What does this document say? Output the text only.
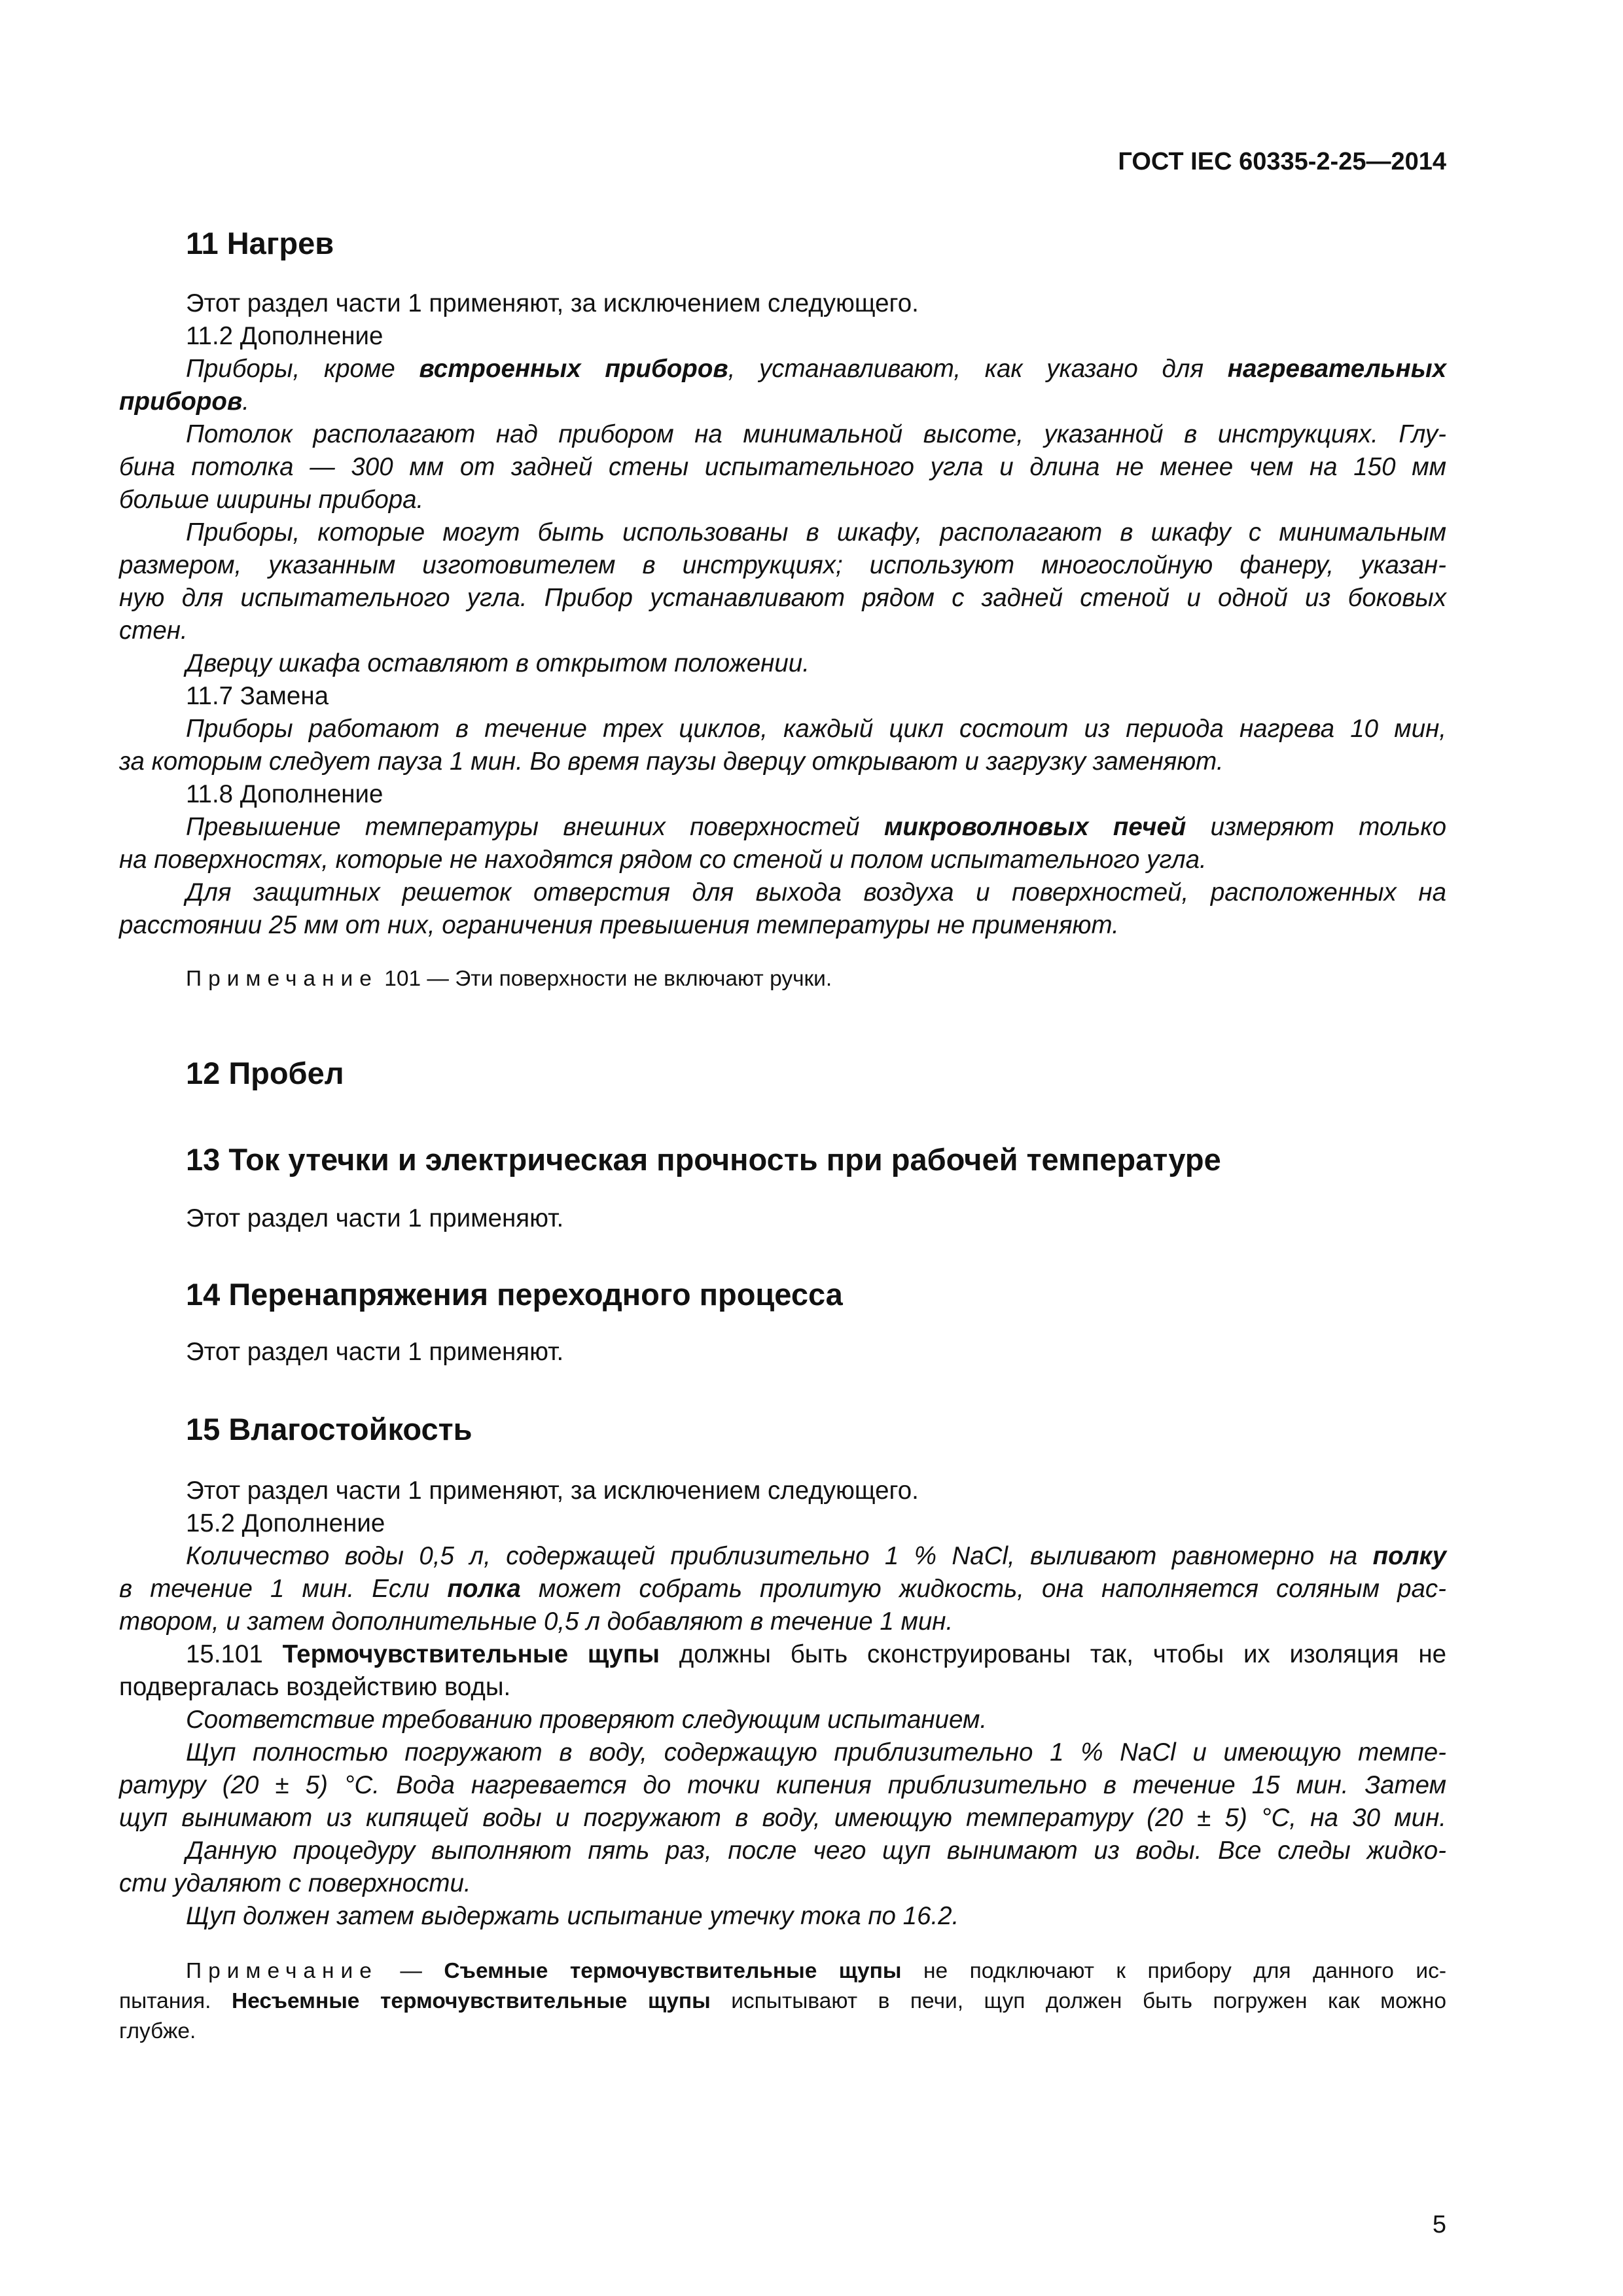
ГОСТ IEC 60335-2-25—2014
11 Нагрев
Этот раздел части 1 применяют, за исключением следующего.
11.2 Дополнение
Приборы, кроме встроенных приборов, устанавливают, как указано для нагревательных
приборов.
Потолок располагают над прибором на минимальной высоте, указанной в инструкциях. Глу-
бина потолка — 300 мм от задней стены испытательного угла и длина не менее чем на 150 мм
больше ширины прибора.
Приборы, которые могут быть использованы в шкафу, располагают в шкафу с минимальным
размером, указанным изготовителем в инструкциях; используют многослойную фанеру, указан-
ную для испытательного угла. Прибор устанавливают рядом с задней стеной и одной из боковых
стен.
Дверцу шкафа оставляют в открытом положении.
11.7 Замена
Приборы работают в течение трех циклов, каждый цикл состоит из периода нагрева 10 мин,
за которым следует пауза 1 мин. Во время паузы дверцу открывают и загрузку заменяют.
11.8 Дополнение
Превышение температуры внешних поверхностей микроволновых печей измеряют только
на поверхностях, которые не находятся рядом со стеной и полом испытательного угла.
Для защитных решеток отверстия для выхода воздуха и поверхностей, расположенных на
расстоянии 25 мм от них, ограничения превышения температуры не применяют.
Примечание 101 — Эти поверхности не включают ручки.
12 Пробел
13 Ток утечки и электрическая прочность при рабочей температуре
Этот раздел части 1 применяют.
14 Перенапряжения переходного процесса
Этот раздел части 1 применяют.
15 Влагостойкость
Этот раздел части 1 применяют, за исключением следующего.
15.2 Дополнение
Количество воды 0,5 л, содержащей приблизительно 1 % NaCl, выливают равномерно на полку
в течение 1 мин. Если полка может собрать пролитую жидкость, она наполняется соляным рас-
твором, и затем дополнительные 0,5 л добавляют в течение 1 мин.
15.101 Термочувствительные щупы должны быть сконструированы так, чтобы их изоляция не
подвергалась воздействию воды.
Соответствие требованию проверяют следующим испытанием.
Щуп полностью погружают в воду, содержащую приблизительно 1 % NaCl и имеющую темпе-
ратуру (20 ± 5) °С. Вода нагревается до точки кипения приблизительно в течение 15 мин. Затем
щуп вынимают из кипящей воды и погружают в воду, имеющую температуру (20 ± 5) °С, на 30 мин.
Данную процедуру выполняют пять раз, после чего щуп вынимают из воды. Все следы жидко-
сти удаляют с поверхности.
Щуп должен затем выдержать испытание утечку тока по 16.2.
Примечание — Съемные термочувствительные щупы не подключают к прибору для данного ис-
пытания. Несъемные термочувствительные щупы испытывают в печи, щуп должен быть погружен как можно
глубже.
5
